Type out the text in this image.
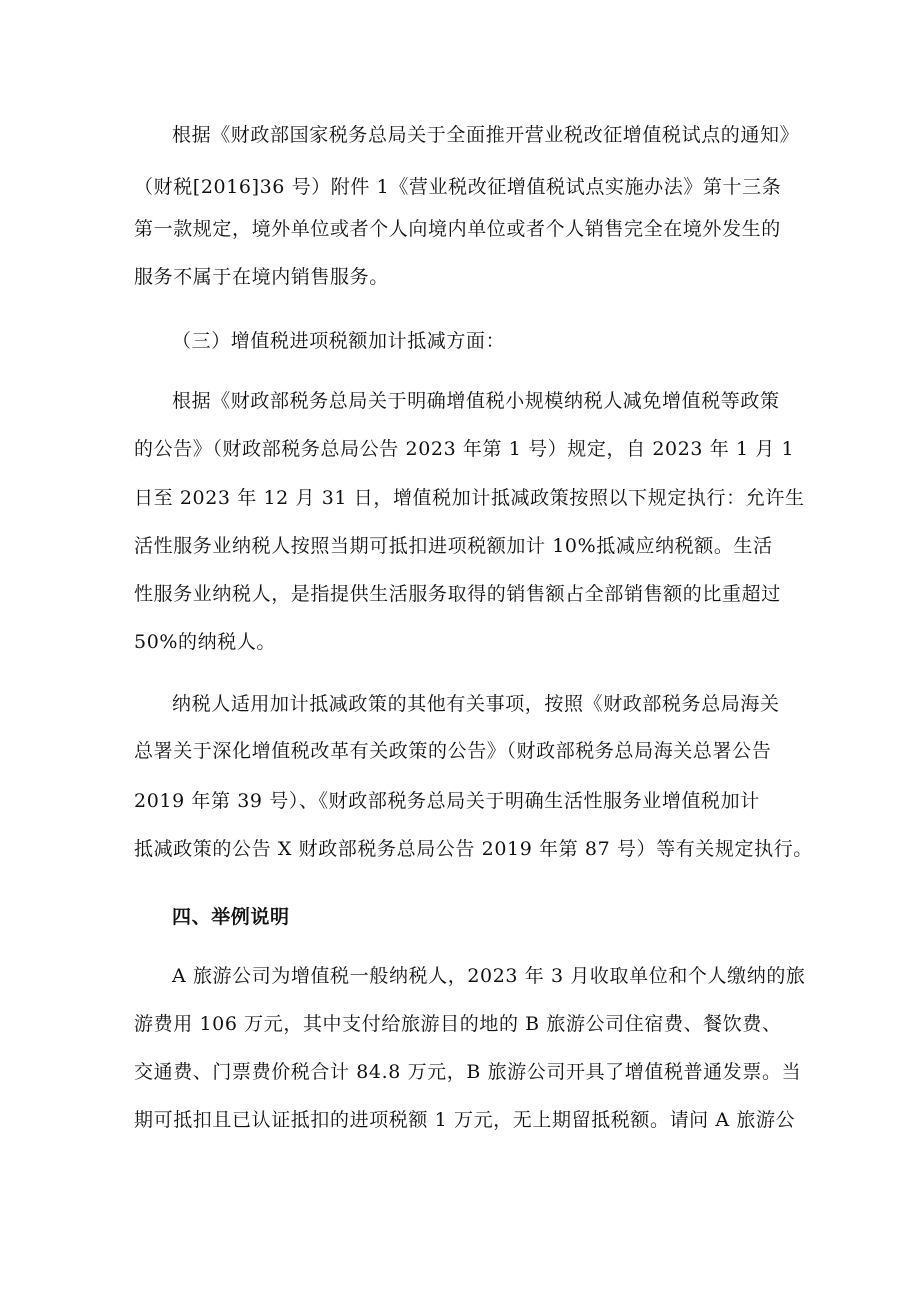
根据《财政部国家税务总局关于全面推开营业税改征增值税试点的通知》
（财税[2016]36 号）附件 1《营业税改征增值税试点实施办法》第十三条
第一款规定，境外单位或者个人向境内单位或者个人销售完全在境外发生的
服务不属于在境内销售服务。
（三）增值税进项税额加计抵减方面：
根据《财政部税务总局关于明确增值税小规模纳税人减免增值税等政策
的公告》（财政部税务总局公告 2023 年第 1 号）规定，自 2023 年 1 月 1
日至 2023 年 12 月 31 日，增值税加计抵减政策按照以下规定执行：允许生
活性服务业纳税人按照当期可抵扣进项税额加计 10%抵减应纳税额。生活
性服务业纳税人，是指提供生活服务取得的销售额占全部销售额的比重超过
50%的纳税人。
纳税人适用加计抵减政策的其他有关事项，按照《财政部税务总局海关
总署关于深化增值税改革有关政策的公告》（财政部税务总局海关总署公告
2019 年第 39 号）、《财政部税务总局关于明确生活性服务业增值税加计
抵减政策的公告 X 财政部税务总局公告 2019 年第 87 号）等有关规定执行。
四、举例说明
A 旅游公司为增值税一般纳税人，2023 年 3 月收取单位和个人缴纳的旅
游费用 106 万元，其中支付给旅游目的地的 B 旅游公司住宿费、餐饮费、
交通费、门票费价税合计 84.8 万元，B 旅游公司开具了增值税普通发票。当
期可抵扣且已认证抵扣的进项税额 1 万元，无上期留抵税额。请问 A 旅游公
